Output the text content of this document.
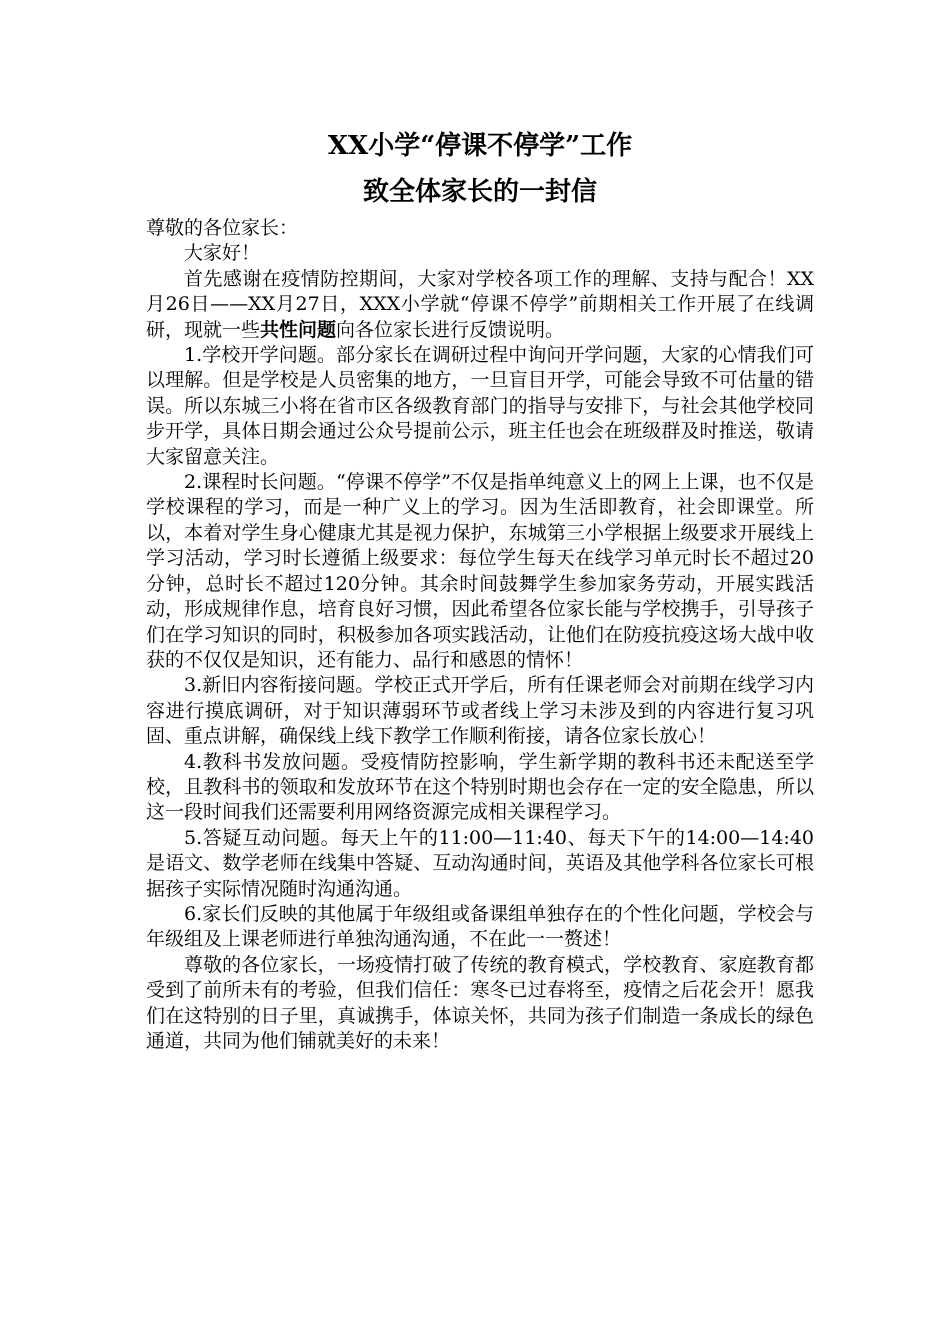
XX小学“停课不停学”工作
致全体家长的一封信

尊敬的各位家长：

大家好！

首先感谢在疫情防控期间，大家对学校各项工作的理解、支持与配合！XX月26日——XX月27日，XXX小学就“停课不停学”前期相关工作开展了在线调研，现就一些共性问题向各位家长进行反馈说明。

1.学校开学问题。部分家长在调研过程中询问开学问题，大家的心情我们可以理解。但是学校是人员密集的地方，一旦盲目开学，可能会导致不可估量的错误。所以东城三小将在省市区各级教育部门的指导与安排下，与社会其他学校同步开学，具体日期会通过公众号提前公示，班主任也会在班级群及时推送，敬请大家留意关注。

2.课程时长问题。“停课不停学”不仅是指单纯意义上的网上上课，也不仅是学校课程的学习，而是一种广义上的学习。因为生活即教育，社会即课堂。所以，本着对学生身心健康尤其是视力保护，东城第三小学根据上级要求开展线上学习活动，学习时长遵循上级要求：每位学生每天在线学习单元时长不超过20分钟，总时长不超过120分钟。其余时间鼓舞学生参加家务劳动，开展实践活动，形成规律作息，培育良好习惯，因此希望各位家长能与学校携手，引导孩子们在学习知识的同时，积极参加各项实践活动，让他们在防疫抗疫这场大战中收获的不仅仅是知识，还有能力、品行和感恩的情怀！

3.新旧内容衔接问题。学校正式开学后，所有任课老师会对前期在线学习内容进行摸底调研，对于知识薄弱环节或者线上学习未涉及到的内容进行复习巩固、重点讲解，确保线上线下教学工作顺利衔接，请各位家长放心！

4.教科书发放问题。受疫情防控影响，学生新学期的教科书还未配送至学校，且教科书的领取和发放环节在这个特别时期也会存在一定的安全隐患，所以这一段时间我们还需要利用网络资源完成相关课程学习。

5.答疑互动问题。每天上午的11:00—11:40、每天下午的14:00—14:40是语文、数学老师在线集中答疑、互动沟通时间，英语及其他学科各位家长可根据孩子实际情况随时沟通沟通。

6.家长们反映的其他属于年级组或备课组单独存在的个性化问题，学校会与年级组及上课老师进行单独沟通沟通，不在此一一赘述！

尊敬的各位家长，一场疫情打破了传统的教育模式，学校教育、家庭教育都受到了前所未有的考验，但我们信任：寒冬已过春将至，疫情之后花会开！愿我们在这特别的日子里，真诚携手，体谅关怀，共同为孩子们制造一条成长的绿色通道，共同为他们铺就美好的未来！
